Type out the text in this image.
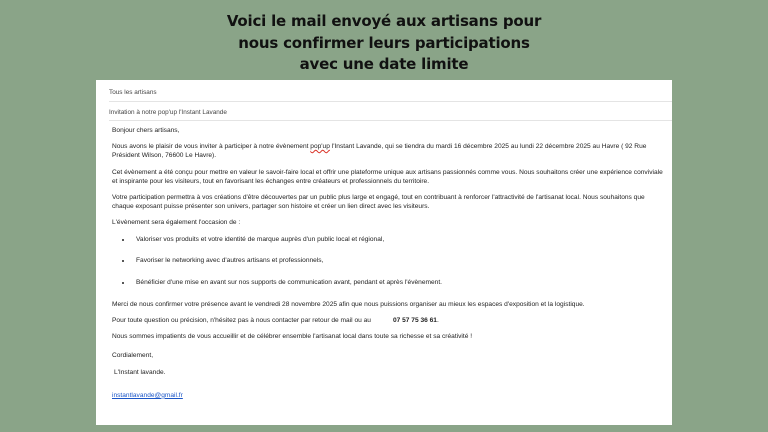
Voici le mail envoyé aux artisans pour
nous confirmer leurs participations
avec une date limite
Tous les artisans
Invitation à notre pop'up l'Instant Lavande

Bonjour chers artisans,

Nous avons le plaisir de vous inviter à participer à notre évènement pop'up l'Instant Lavande, qui se tiendra du mardi 16 décembre 2025 au lundi 22 décembre 2025 au Havre ( 92 Rue Président Wilson, 76600 Le Havre).

Cet évènement a été conçu pour mettre en valeur le savoir-faire local et offrir une plateforme unique aux artisans passionnés comme vous. Nous souhaitons créer une expérience conviviale et inspirante pour les visiteurs, tout en favorisant les échanges entre créateurs et professionnels du territoire.

Votre participation permettra à vos créations d'être découvertes par un public plus large et engagé, tout en contribuant à renforcer l'attractivité de l'artisanat local. Nous souhaitons que chaque exposant puisse présenter son univers, partager son histoire et créer un lien direct avec les visiteurs.

L'évènement sera également l'occasion de :

• Valoriser vos produits et votre identité de marque auprès d'un public local et régional,
• Favoriser le networking avec d'autres artisans et professionnels,
• Bénéficier d'une mise en avant sur nos supports de communication avant, pendant et après l'évènement.

Merci de nous confirmer votre présence avant le vendredi 28 novembre 2025 afin que nous puissions organiser au mieux les espaces d'exposition et la logistique.

Pour toute question ou précision, n'hésitez pas à nous contacter par retour de mail ou au	07 57 75 36 61.

Nous sommes impatients de vous accueillir et de célébrer ensemble l'artisanat local dans toute sa richesse et sa créativité !

Cordialement,

L'Instant lavande.

instantlavande@gmail.fr
